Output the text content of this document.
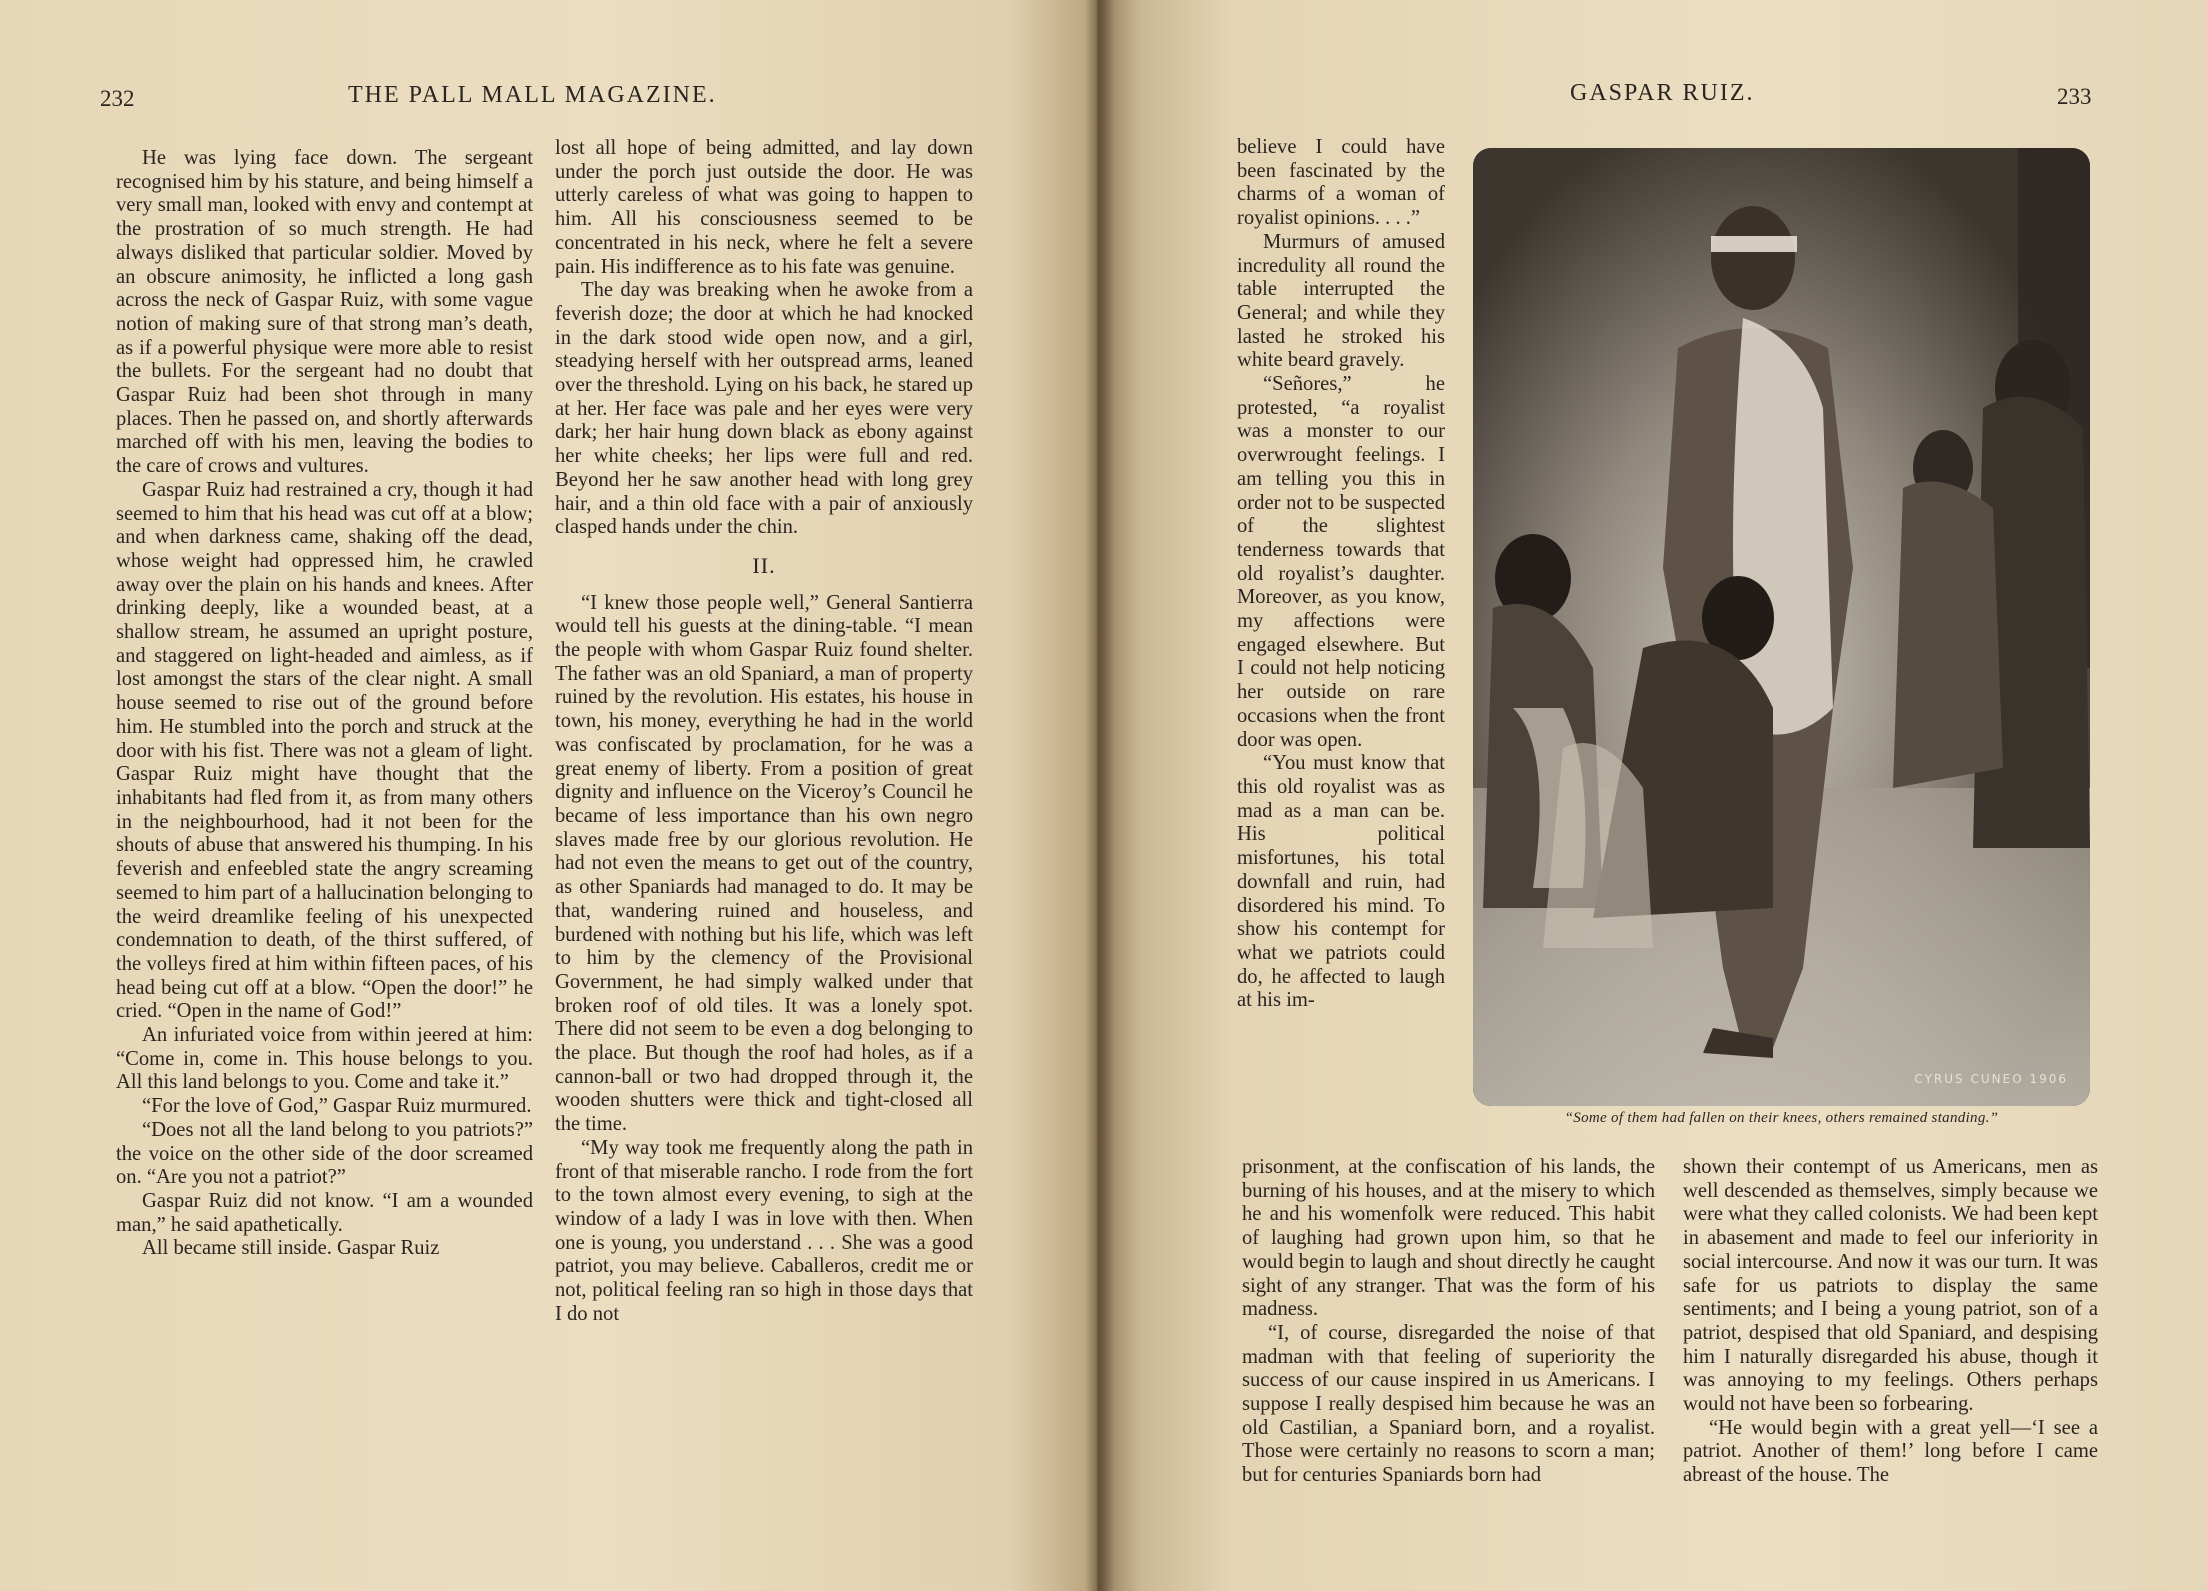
232	THE PALL MALL MAGAZINE.

He was lying face down. The sergeant recognised him by his stature, and being himself a very small man, looked with envy and contempt at the prostration of so much strength. He had always disliked that particular soldier. Moved by an obscure animosity, he inflicted a long gash across the neck of Gaspar Ruiz, with some vague notion of making sure of that strong man’s death, as if a powerful physique were more able to resist the bullets. For the sergeant had no doubt that Gaspar Ruiz had been shot through in many places. Then he passed on, and shortly afterwards marched off with his men, leaving the bodies to the care of crows and vultures.

Gaspar Ruiz had restrained a cry, though it had seemed to him that his head was cut off at a blow; and when darkness came, shaking off the dead, whose weight had oppressed him, he crawled away over the plain on his hands and knees. After drinking deeply, like a wounded beast, at a shallow stream, he assumed an upright posture, and staggered on light-headed and aimless, as if lost amongst the stars of the clear night. A small house seemed to rise out of the ground before him. He stumbled into the porch and struck at the door with his fist. There was not a gleam of light. Gaspar Ruiz might have thought that the inhabitants had fled from it, as from many others in the neighbourhood, had it not been for the shouts of abuse that answered his thumping. In his feverish and enfeebled state the angry screaming seemed to him part of a hallucination belonging to the weird dreamlike feeling of his unexpected condemnation to death, of the thirst suffered, of the volleys fired at him within fifteen paces, of his head being cut off at a blow. “Open the door!” he cried. “Open in the name of God!”

An infuriated voice from within jeered at him: “Come in, come in. This house belongs to you. All this land belongs to you. Come and take it.”

“For the love of God,” Gaspar Ruiz murmured.

“Does not all the land belong to you patriots?” the voice on the other side of the door screamed on. “Are you not a patriot?”

Gaspar Ruiz did not know. “I am a wounded man,” he said apathetically.

All became still inside. Gaspar Ruiz

lost all hope of being admitted, and lay down under the porch just outside the door. He was utterly careless of what was going to happen to him. All his consciousness seemed to be concentrated in his neck, where he felt a severe pain. His indifference as to his fate was genuine.

The day was breaking when he awoke from a feverish doze; the door at which he had knocked in the dark stood wide open now, and a girl, steadying herself with her outspread arms, leaned over the threshold. Lying on his back, he stared up at her. Her face was pale and her eyes were very dark; her hair hung down black as ebony against her white cheeks; her lips were full and red. Beyond her he saw another head with long grey hair, and a thin old face with a pair of anxiously clasped hands under the chin.

II.

“I knew those people well,” General Santierra would tell his guests at the dining-table. “I mean the people with whom Gaspar Ruiz found shelter. The father was an old Spaniard, a man of property ruined by the revolution. His estates, his house in town, his money, everything he had in the world was confiscated by proclamation, for he was a great enemy of liberty. From a position of great dignity and influence on the Viceroy’s Council he became of less importance than his own negro slaves made free by our glorious revolution. He had not even the means to get out of the country, as other Spaniards had managed to do. It may be that, wandering ruined and houseless, and burdened with nothing but his life, which was left to him by the clemency of the Provisional Government, he had simply walked under that broken roof of old tiles. It was a lonely spot. There did not seem to be even a dog belonging to the place. But though the roof had holes, as if a cannon-ball or two had dropped through it, the wooden shutters were thick and tight-closed all the time.

“My way took me frequently along the path in front of that miserable rancho. I rode from the fort to the town almost every evening, to sigh at the window of a lady I was in love with then. When one is young, you understand . . . She was a good patriot, you may believe. Caballeros, credit me or not, political feeling ran so high in those days that I do not

GASPAR RUIZ.	233

believe I could have been fascinated by the charms of a woman of royalist opinions. . . .”

Murmurs of amused incredulity all round the table interrupted the General; and while they lasted he stroked his white beard gravely.

“Señores,” he protested, “a royalist was a monster to our overwrought feelings. I am telling you this in order not to be suspected of the slightest tenderness towards that old royalist’s daughter. Moreover, as you know, my affections were engaged elsewhere. But I could not help noticing her outside on rare occasions when the front door was open.

“You must know that this old royalist was as mad as a man can be. His political misfortunes, his total downfall and ruin, had disordered his mind. To show his contempt for what we patriots could do, he affected to laugh at his im-

CYRUS CUNEO 1906
“Some of them had fallen on their knees, others remained standing.”

prisonment, at the confiscation of his lands, the burning of his houses, and at the misery to which he and his womenfolk were reduced. This habit of laughing had grown upon him, so that he would begin to laugh and shout directly he caught sight of any stranger. That was the form of his madness.

“I, of course, disregarded the noise of that madman with that feeling of superiority the success of our cause inspired in us Americans. I suppose I really despised him because he was an old Castilian, a Spaniard born, and a royalist. Those were certainly no reasons to scorn a man; but for centuries Spaniards born had

shown their contempt of us Americans, men as well descended as themselves, simply because we were what they called colonists. We had been kept in abasement and made to feel our inferiority in social intercourse. And now it was our turn. It was safe for us patriots to display the same sentiments; and I being a young patriot, son of a patriot, despised that old Spaniard, and despising him I naturally disregarded his abuse, though it was annoying to my feelings. Others perhaps would not have been so forbearing.

“He would begin with a great yell—‘I see a patriot. Another of them!’ long before I came abreast of the house. The
